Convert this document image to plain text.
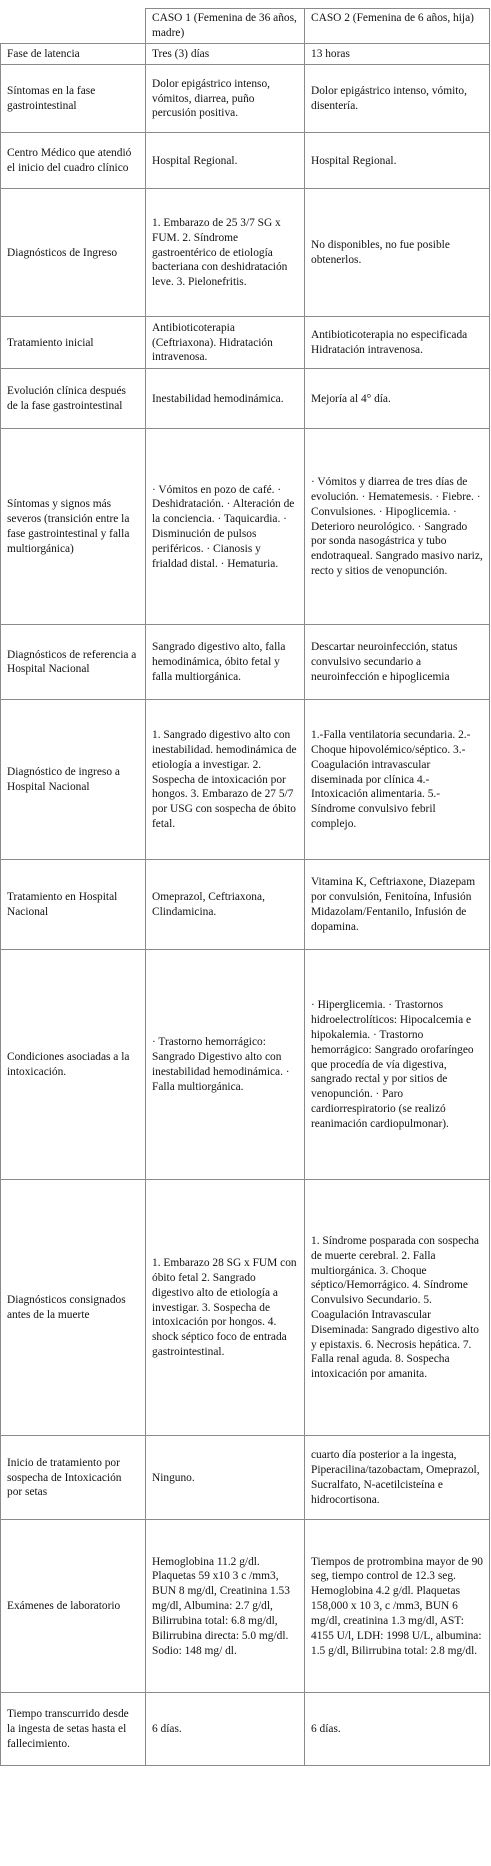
	CASO 1 (Femenina de 36 años, madre)	CASO 2 (Femenina de 6 años, hija)
Fase de latencia	Tres (3) días	13 horas
Síntomas en la fase gastrointestinal	Dolor epigástrico intenso, vómitos, diarrea, puño percusión positiva.	Dolor epigástrico intenso, vómito, disentería.
Centro Médico que atendió el inicio del cuadro clínico	Hospital Regional.	Hospital Regional.
Diagnósticos de Ingreso	1. Embarazo de 25 3/7 SG x FUM. 2. Síndrome gastroentérico de etiología bacteriana con deshidratación leve. 3. Pielonefritis.	No disponibles, no fue posible obtenerlos.
Tratamiento inicial	Antibioticoterapia (Ceftriaxona). Hidratación intravenosa.	Antibioticoterapia no especificada Hidratación intravenosa.
Evolución clínica después de la fase gastrointestinal	Inestabilidad hemodinámica.	Mejoría al 4° día.
Síntomas y signos más severos (transición entre la fase gastrointestinal y falla multiorgánica)	· Vómitos en pozo de café. · Deshidratación. · Alteración de la conciencia. · Taquicardia. · Disminución de pulsos periféricos. · Cianosis y frialdad distal. · Hematuria.	· Vómitos y diarrea de tres días de evolución. · Hematemesis. · Fiebre. · Convulsiones. · Hipoglicemia. · Deterioro neurológico. · Sangrado por sonda nasogástrica y tubo endotraqueal. Sangrado masivo nariz, recto y sitios de venopunción.
Diagnósticos de referencia a Hospital Nacional	Sangrado digestivo alto, falla hemodinámica, óbito fetal y falla multiorgánica.	Descartar neuroinfección, status convulsivo secundario a neuroinfección e hipoglicemia
Diagnóstico de ingreso a Hospital Nacional	1. Sangrado digestivo alto con inestabilidad. hemodinámica de etiología a investigar. 2. Sospecha de intoxicación por hongos. 3. Embarazo de 27 5/7 por USG con sospecha de óbito fetal.	1.-Falla ventilatoria secundaria. 2.-Choque hipovolémico/séptico. 3.-Coagulación intravascular diseminada por clínica 4.-Intoxicación alimentaria. 5.-Síndrome convulsivo febril complejo.
Tratamiento en Hospital Nacional	Omeprazol, Ceftriaxona, Clindamicina.	Vitamina K, Ceftriaxone, Diazepam por convulsión, Fenitoína, Infusión Midazolam/Fentanilo, Infusión de dopamina.
Condiciones asociadas a la intoxicación.	· Trastorno hemorrágico: Sangrado Digestivo alto con inestabilidad hemodinámica. · Falla multiorgánica.	· Hiperglicemia. · Trastornos hidroelectrolíticos: Hipocalcemia e hipokalemia. · Trastorno hemorrágico: Sangrado orofaríngeo que procedía de vía digestiva, sangrado rectal y por sitios de venopunción. · Paro cardiorrespiratorio (se realizó reanimación cardiopulmonar).
Diagnósticos consignados antes de la muerte	1. Embarazo 28 SG x FUM con óbito fetal 2. Sangrado digestivo alto de etiología a investigar. 3. Sospecha de intoxicación por hongos. 4. shock séptico foco de entrada gastrointestinal.	1. Síndrome posparada con sospecha de muerte cerebral. 2. Falla multiorgánica. 3. Choque séptico/Hemorrágico. 4. Síndrome Convulsivo Secundario. 5. Coagulación Intravascular Diseminada: Sangrado digestivo alto y epistaxis. 6. Necrosis hepática. 7. Falla renal aguda. 8. Sospecha intoxicación por amanita.
Inicio de tratamiento por sospecha de Intoxicación por setas	Ninguno.	cuarto día posterior a la ingesta, Piperacilina/tazobactam, Omeprazol, Sucralfato, N-acetilcisteína e hidrocortisona.
Exámenes de laboratorio	Hemoglobina 11.2 g/dl. Plaquetas 59 x10 3 c /mm3, BUN 8 mg/dl, Creatinina 1.53 mg/dl, Albumina: 2.7 g/dl, Bilirrubina total: 6.8 mg/dl, Bilirrubina directa: 5.0 mg/dl. Sodio: 148 mg/ dl.	Tiempos de protrombina mayor de 90 seg, tiempo control de 12.3 seg. Hemoglobina 4.2 g/dl. Plaquetas 158,000 x 10 3, c /mm3, BUN 6 mg/dl, creatinina 1.3 mg/dl, AST: 4155 U/l, LDH: 1998 U/L, albumina: 1.5 g/dl, Bilirrubina total: 2.8 mg/dl.
Tiempo transcurrido desde la ingesta de setas hasta el fallecimiento.	6 días.	6 días.
